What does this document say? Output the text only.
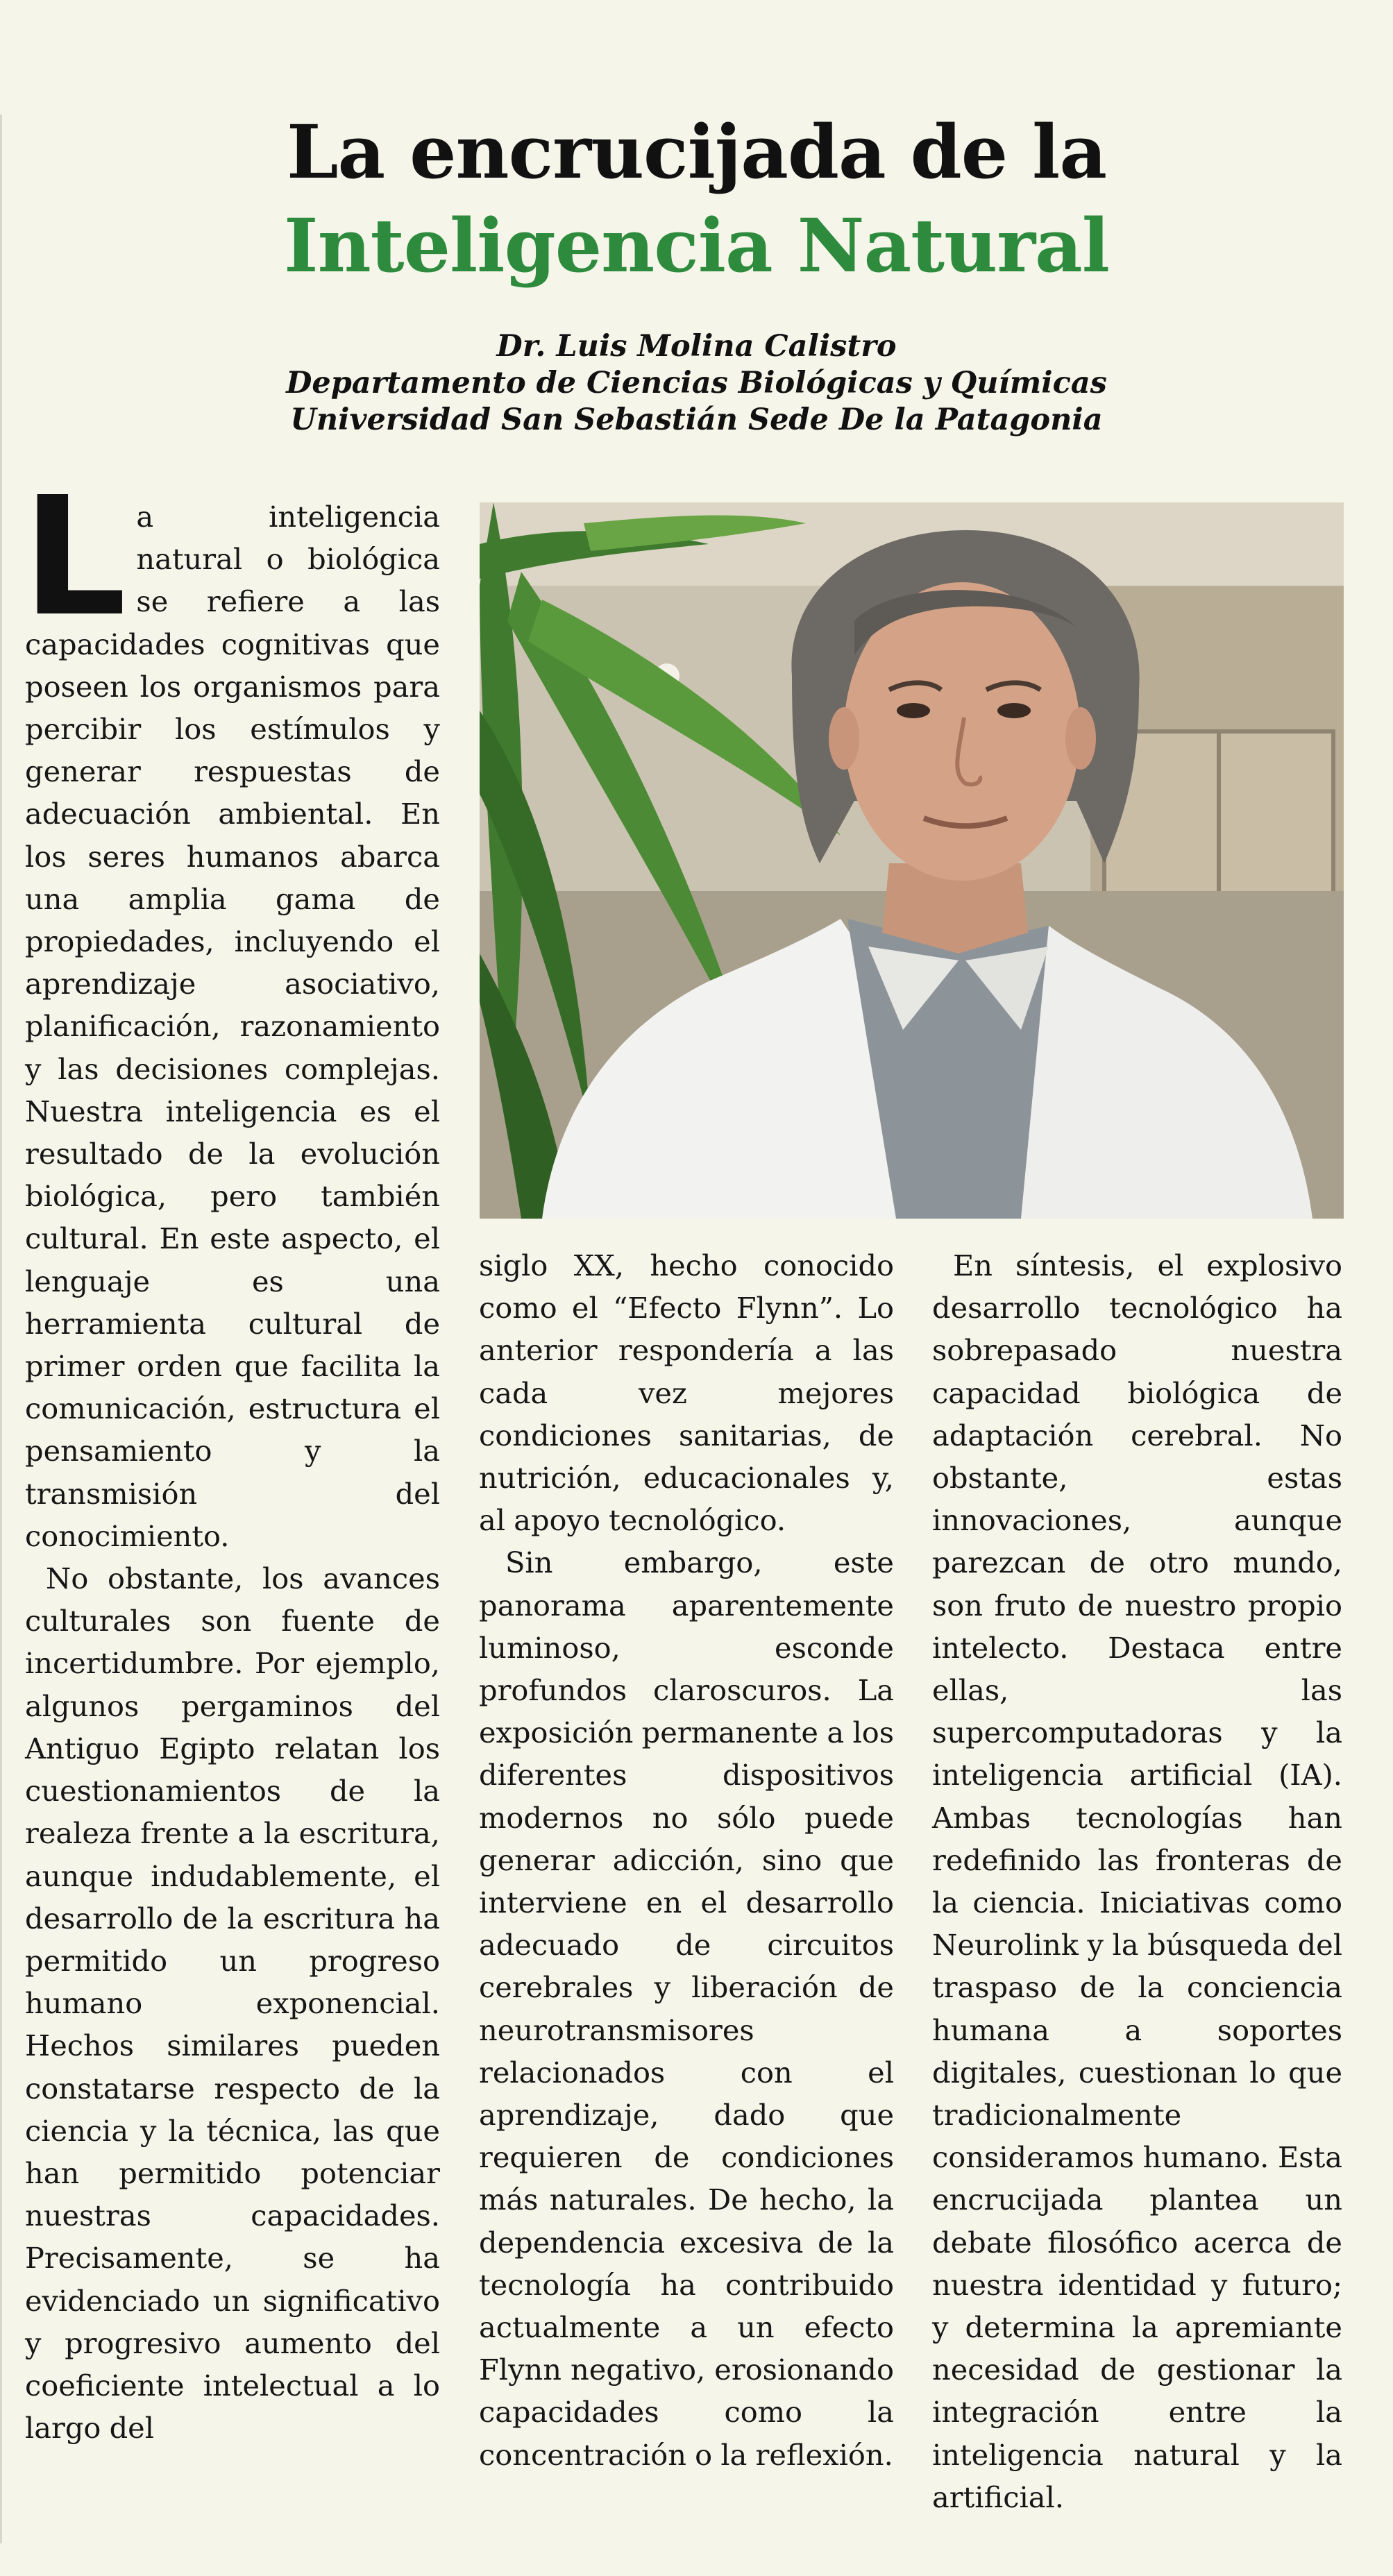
La encrucijada de la
Inteligencia Natural
Dr. Luis Molina Calistro
Departamento de Ciencias Biológicas y Químicas
Universidad San Sebastián Sede De la Patagonia

La inteligencia natural o biológica se refiere a las capacidades cognitivas que poseen los organismos para percibir los estímulos y generar respuestas de adecuación ambiental. En los seres humanos abarca una amplia gama de propiedades, incluyendo el aprendizaje asociativo, planificación, razonamiento y las decisiones complejas. Nuestra inteligencia es el resultado de la evolución biológica, pero también cultural. En este aspecto, el lenguaje es una herramienta cultural de primer orden que facilita la comunicación, estructura el pensamiento y la transmisión del conocimiento.

No obstante, los avances culturales son fuente de incertidumbre. Por ejemplo, algunos pergaminos del Antiguo Egipto relatan los cuestionamientos de la realeza frente a la escritura, aunque indudablemente, el desarrollo de la escritura ha permitido un progreso humano exponencial. Hechos similares pueden constatarse respecto de la ciencia y la técnica, las que han permitido potenciar nuestras capacidades. Precisamente, se ha evidenciado un significativo y progresivo aumento del coeficiente intelectual a lo largo del

siglo XX, hecho conocido como el “Efecto Flynn”. Lo anterior respondería a las cada vez mejores condiciones sanitarias, de nutrición, educacionales y, al apoyo tecnológico.

Sin embargo, este panorama aparentemente luminoso, esconde profundos claroscuros. La exposición permanente a los diferentes dispositivos modernos no sólo puede generar adicción, sino que interviene en el desarrollo adecuado de circuitos cerebrales y liberación de neurotransmisores relacionados con el aprendizaje, dado que requieren de condiciones más naturales. De hecho, la dependencia excesiva de la tecnología ha contribuido actualmente a un efecto Flynn negativo, erosionando capacidades como la concentración o la reflexión.

En síntesis, el explosivo desarrollo tecnológico ha sobrepasado nuestra capacidad biológica de adaptación cerebral. No obstante, estas innovaciones, aunque parezcan de otro mundo, son fruto de nuestro propio intelecto. Destaca entre ellas, las supercomputadoras y la inteligencia artificial (IA). Ambas tecnologías han redefinido las fronteras de la ciencia. Iniciativas como Neurolink y la búsqueda del traspaso de la conciencia humana a soportes digitales, cuestionan lo que tradicionalmente consideramos humano. Esta encrucijada plantea un debate filosófico acerca de nuestra identidad y futuro; y determina la apremiante necesidad de gestionar la integración entre la inteligencia natural y la artificial.
